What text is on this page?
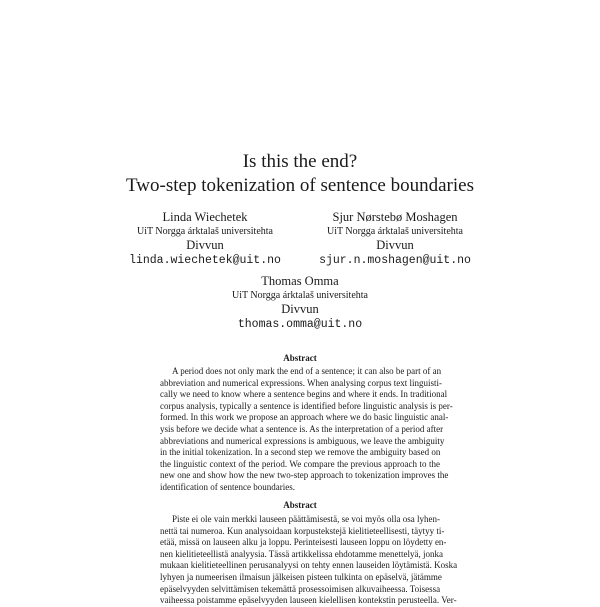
Is this the end?
Two-step tokenization of sentence boundaries
Linda Wiechetek
UiT Norgga árktalaš universitehta
Divvun
linda.wiechetek@uit.no
Sjur Nørstebø Moshagen
UiT Norgga árktalaš universitehta
Divvun
sjur.n.moshagen@uit.no
Thomas Omma
UiT Norgga árktalaš universitehta
Divvun
thomas.omma@uit.no
Abstract
A period does not only mark the end of a sentence; it can also be part of an
abbreviation and numerical expressions. When analysing corpus text linguisti-
cally we need to know where a sentence begins and where it ends. In traditional
corpus analysis, typically a sentence is identified before linguistic analysis is per-
formed. In this work we propose an approach where we do basic linguistic anal-
ysis before we decide what a sentence is. As the interpretation of a period after
abbreviations and numerical expressions is ambiguous, we leave the ambiguity
in the initial tokenization. In a second step we remove the ambiguity based on
the linguistic context of the period. We compare the previous approach to the
new one and show how the new two-step approach to tokenization improves the
identification of sentence boundaries.
Abstract
Piste ei ole vain merkki lauseen päättämisestä, se voi myös olla osa lyhen-
nettä tai numeroa. Kun analysoidaan korpustekstejä kielitieteellisesti, täytyy ti-
etää, missä on lauseen alku ja loppu. Perinteisesti lauseen loppu on löydetty en-
nen kielitieteellistä analyysia. Tässä artikkelissa ehdotamme menettelyä, jonka
mukaan kielitieteellinen perusanalyysi on tehty ennen lauseiden löytämistä. Koska
lyhyen ja numeerisen ilmaisun jälkeisen pisteen tulkinta on epäselvä, jätämme
epäselvyyden selvittämisen tekemättä prosessoimisen alkuvaiheessa. Toisessa
vaiheessa poistamme epäselvyyden lauseen kielellisen kontekstin perusteella. Ver-
